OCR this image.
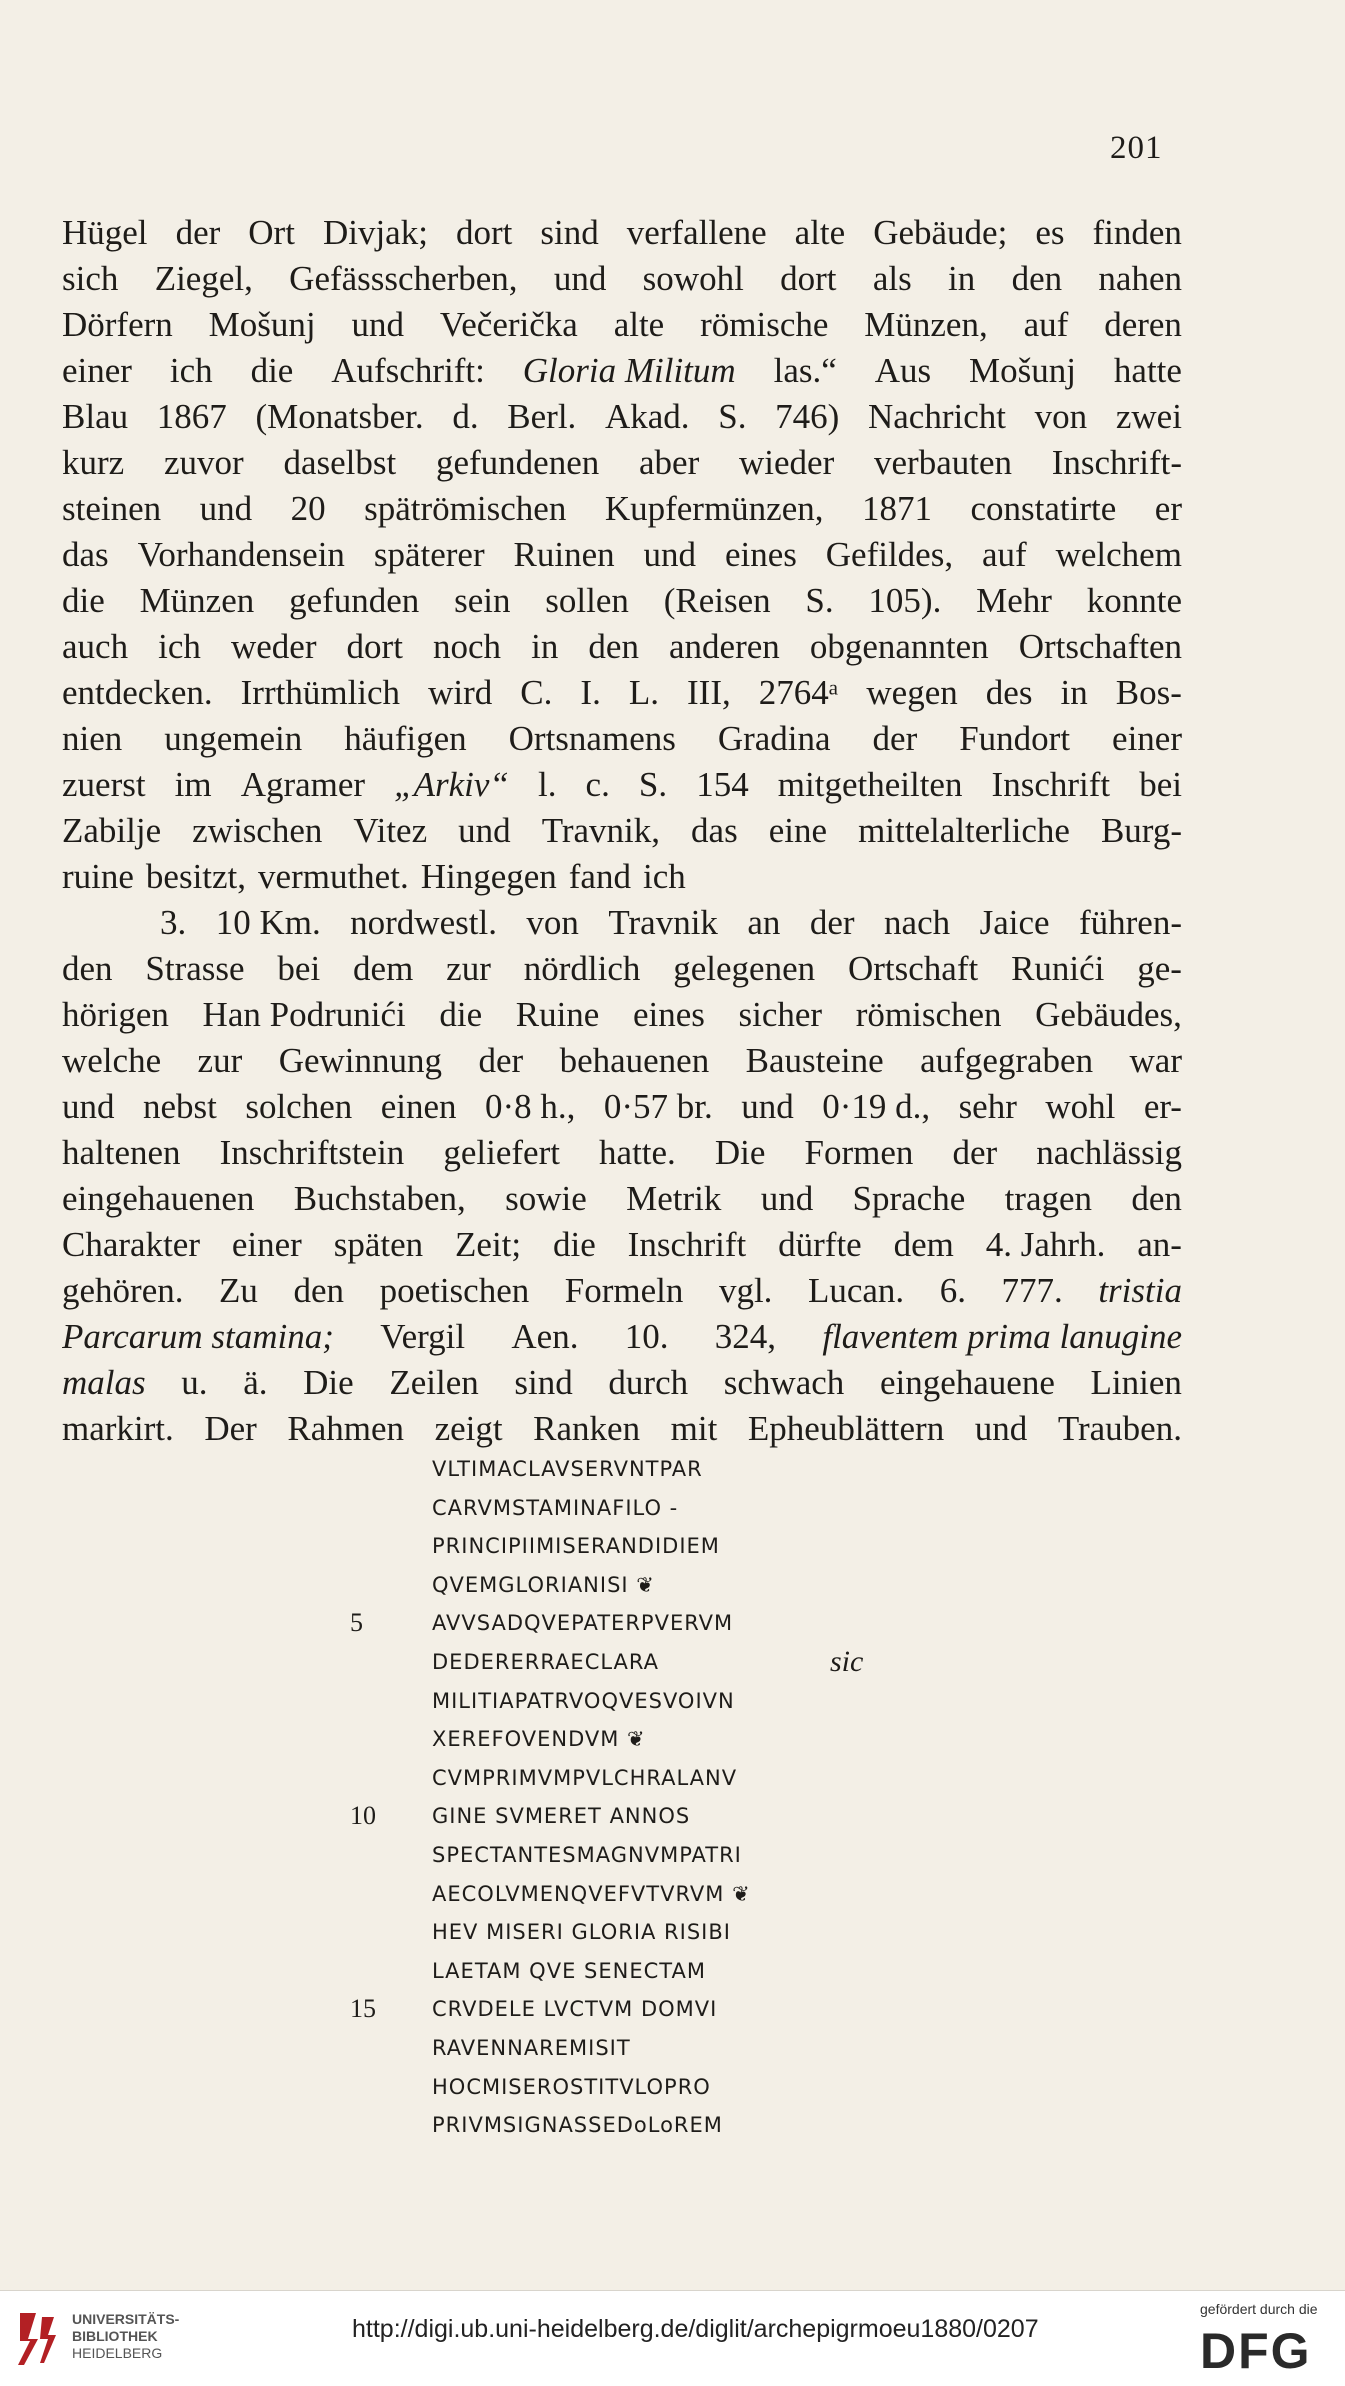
201
Hügel der Ort Divjak; dort sind verfallene alte Gebäude; es finden
sich Ziegel, Gefässscherben, und sowohl dort als in den nahen
Dörfern Mošunj und Večerička alte römische Münzen, auf deren
einer ich die Aufschrift: Gloria Militum las.“ Aus Mošunj hatte
Blau 1867 (Monatsber. d. Berl. Akad. S. 746) Nachricht von zwei
kurz zuvor daselbst gefundenen aber wieder verbauten Inschrift-
steinen und 20 spätrömischen Kupfermünzen, 1871 constatirte er
das Vorhandensein späterer Ruinen und eines Gefildes, auf welchem
die Münzen gefunden sein sollen (Reisen S. 105). Mehr konnte
auch ich weder dort noch in den anderen obgenannten Ortschaften
entdecken. Irrthümlich wird C. I. L. III, 2764ᵃ wegen des in Bos-
nien ungemein häufigen Ortsnamens Gradina der Fundort einer
zuerst im Agramer „Arkiv“ l. c. S. 154 mitgetheilten Inschrift bei
Zabilje zwischen Vitez und Travnik, das eine mittelalterliche Burg-
ruine besitzt, vermuthet. Hingegen fand ich
3. 10 Km. nordwestl. von Travnik an der nach Jaice führen-
den Strasse bei dem zur nördlich gelegenen Ortschaft Runići ge-
hörigen Han Podrunići die Ruine eines sicher römischen Gebäudes,
welche zur Gewinnung der behauenen Bausteine aufgegraben war
und nebst solchen einen 0·8 h., 0·57 br. und 0·19 d., sehr wohl er-
haltenen Inschriftstein geliefert hatte. Die Formen der nachlässig
eingehauenen Buchstaben, sowie Metrik und Sprache tragen den
Charakter einer späten Zeit; die Inschrift dürfte dem 4. Jahrh. an-
gehören. Zu den poetischen Formeln vgl. Lucan. 6. 777. tristia
Parcarum stamina; Vergil Aen. 10. 324, flaventem prima lanugine
malas u. ä. Die Zeilen sind durch schwach eingehauene Linien
markirt. Der Rahmen zeigt Ranken mit Epheublättern und Trauben.
VLTIMACLAVSERVNTPAR
CARVMSTAMINAFILO -
PRINCIPIIMISERANDIDIEM
QVEMGLORIANISI ❦
5	AVVSADQVEPATERPVERVM
DEDERERRAECLARA	sic
MILITIAPATRVOQVESVOIVN
XEREFOVENDVM ❦
CVMPRIMVMPVLCHRALANV
10	GINE SVMERET ANNOS
SPECTANTESMAGNVMPATRI
AECOLVMENQVEFVTVRVM ❦
HEV MISERI GLORIA RISIBI
LAETAM QVE SENECTAM
15	CRVDELE LVCTVM DOMVI
RAVENNAREMISIT
HOCMISEROSTITVLOPRO
PRIVMSIGNASSEDoLoREM
UNIVERSITÄTS-
BIBLIOTHEK
HEIDELBERG
http://digi.ub.uni-heidelberg.de/diglit/archepigrmoeu1880/0207
gefördert durch die
DFG
